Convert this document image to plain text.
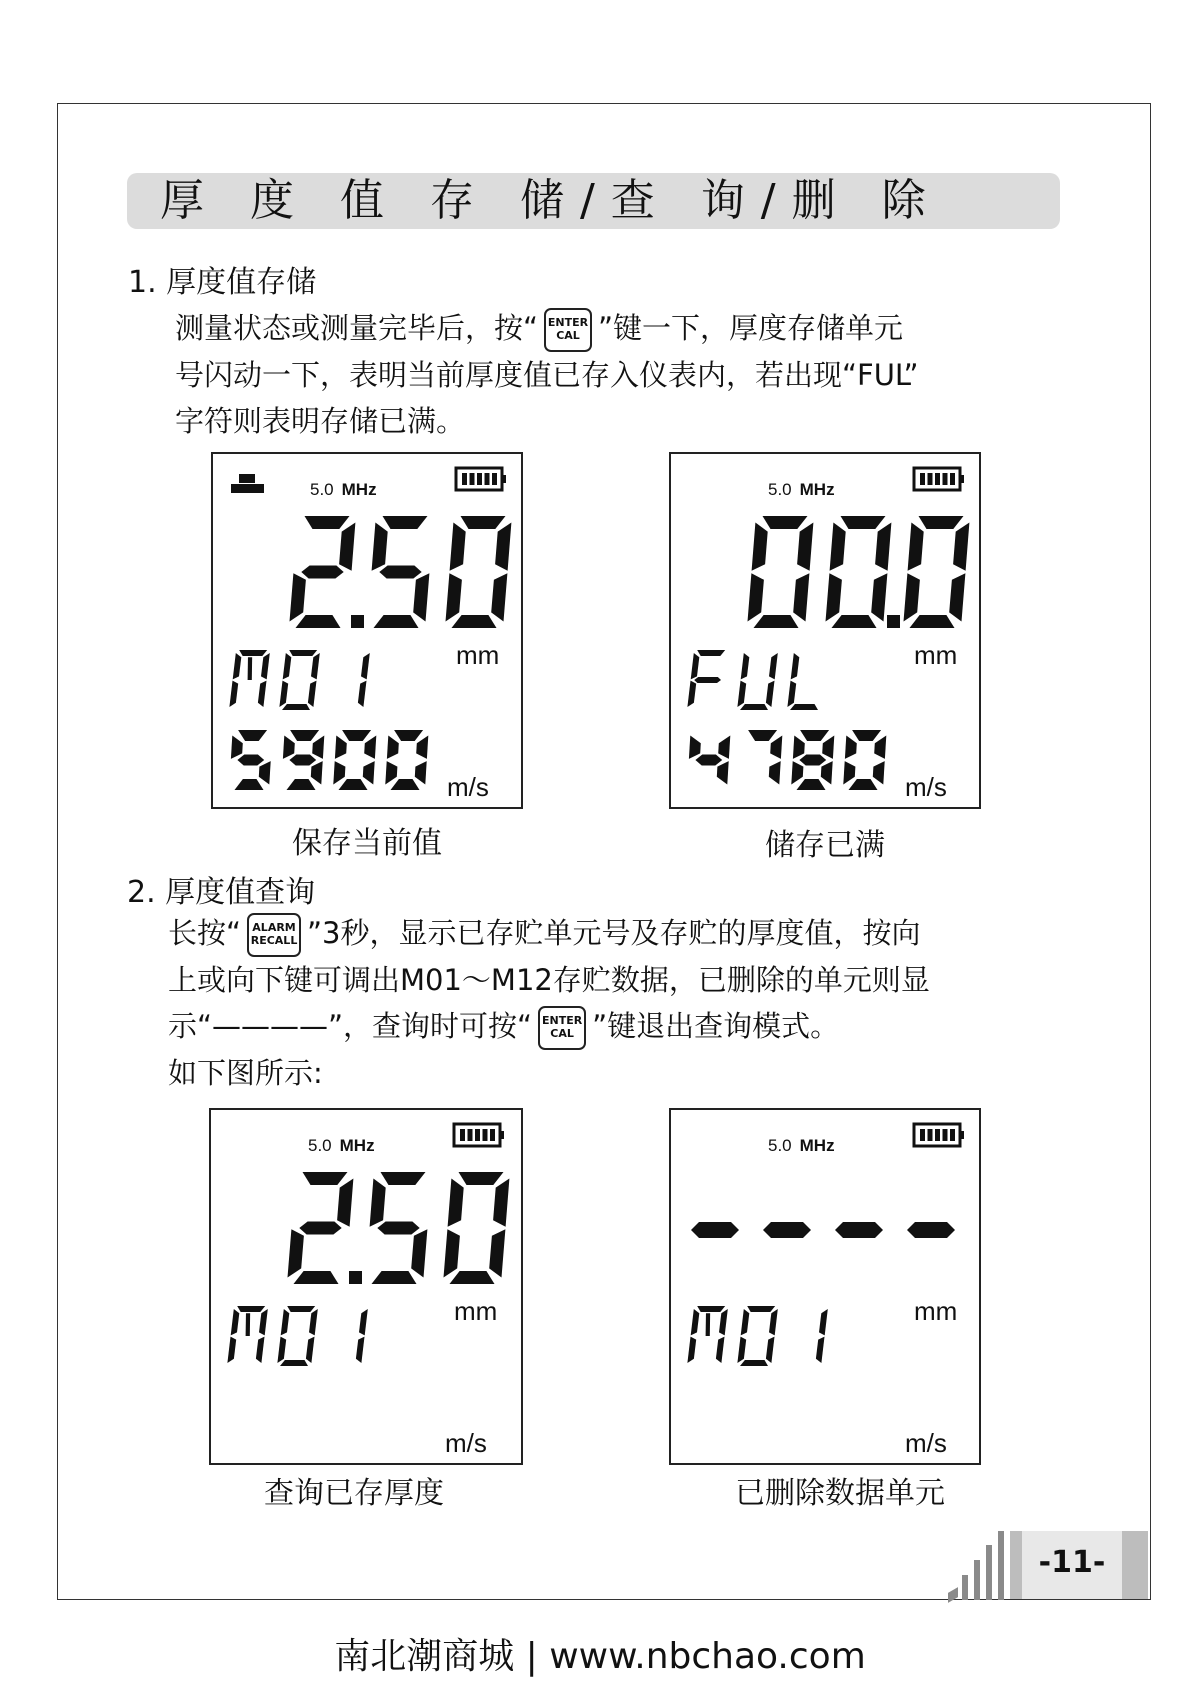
厚 度 值 存 储/查 询/删 除
1. 厚度值存储
测量状态或测量完毕后，按“ ENTER
CAL ”键一下，厚度存储单元
号闪动一下，表明当前厚度值已存入仪表内，若出现“FUL”
字符则表明存储已满。
5.0 MHz
mm
m/s
保存当前值
5.0 MHz
mm
m/s
储存已满
2. 厚度值查询
长按“ ALARM
RECALL ”3秒，显示已存贮单元号及存贮的厚度值，按向
上或向下键可调出M01～M12存贮数据，已删除的单元则显
示“————”，查询时可按“ ENTER
CAL ”键退出查询模式。
如下图所示:
5.0 MHz
mm
m/s
查询已存厚度
5.0 MHz
mm
m/s
已删除数据单元
-11-
南北潮商城 | www.nbchao.com
